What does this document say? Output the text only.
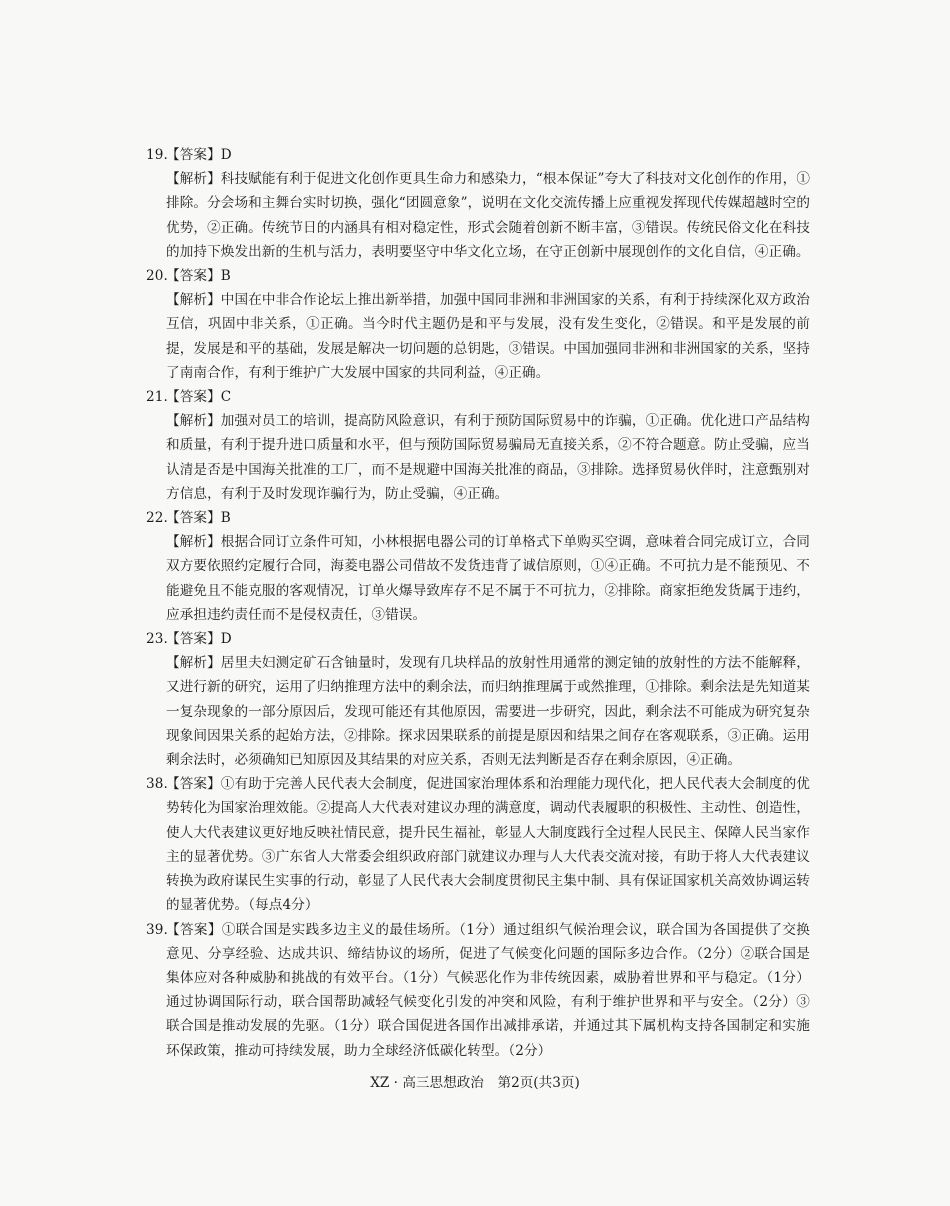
19.【答案】D
【解析】科技赋能有利于促进文化创作更具生命力和感染力，“根本保证”夸大了科技对文化创作的作用，①排除。分会场和主舞台实时切换，强化“团圆意象”，说明在文化交流传播上应重视发挥现代传媒超越时空的优势，②正确。传统节日的内涵具有相对稳定性，形式会随着创新不断丰富，③错误。传统民俗文化在科技的加持下焕发出新的生机与活力，表明要坚守中华文化立场，在守正创新中展现创作的文化自信，④正确。
20.【答案】B
【解析】中国在中非合作论坛上推出新举措，加强中国同非洲和非洲国家的关系，有利于持续深化双方政治互信，巩固中非关系，①正确。当今时代主题仍是和平与发展，没有发生变化，②错误。和平是发展的前提，发展是和平的基础，发展是解决一切问题的总钥匙，③错误。中国加强同非洲和非洲国家的关系，坚持了南南合作，有利于维护广大发展中国家的共同利益，④正确。
21.【答案】C
【解析】加强对员工的培训，提高防风险意识，有利于预防国际贸易中的诈骗，①正确。优化进口产品结构和质量，有利于提升进口质量和水平，但与预防国际贸易骗局无直接关系，②不符合题意。防止受骗，应当认清是否是中国海关批准的工厂，而不是规避中国海关批准的商品，③排除。选择贸易伙伴时，注意甄别对方信息，有利于及时发现诈骗行为，防止受骗，④正确。
22.【答案】B
【解析】根据合同订立条件可知，小林根据电器公司的订单格式下单购买空调，意味着合同完成订立，合同双方要依照约定履行合同，海菱电器公司借故不发货违背了诚信原则，①④正确。不可抗力是不能预见、不能避免且不能克服的客观情况，订单火爆导致库存不足不属于不可抗力，②排除。商家拒绝发货属于违约，应承担违约责任而不是侵权责任，③错误。
23.【答案】D
【解析】居里夫妇测定矿石含铀量时，发现有几块样品的放射性用通常的测定铀的放射性的方法不能解释，又进行新的研究，运用了归纳推理方法中的剩余法，而归纳推理属于或然推理，①排除。剩余法是先知道某一复杂现象的一部分原因后，发现可能还有其他原因，需要进一步研究，因此，剩余法不可能成为研究复杂现象间因果关系的起始方法，②排除。探求因果联系的前提是原因和结果之间存在客观联系，③正确。运用剩余法时，必须确知已知原因及其结果的对应关系，否则无法判断是否存在剩余原因，④正确。
38.
【答案】①有助于完善人民代表大会制度，促进国家治理体系和治理能力现代化，把人民代表大会制度的优势转化为国家治理效能。②提高人大代表对建议办理的满意度，调动代表履职的积极性、主动性、创造性，使人大代表建议更好地反映社情民意，提升民生福祉，彰显人大制度践行全过程人民民主、保障人民当家作主的显著优势。③广东省人大常委会组织政府部门就建议办理与人大代表交流对接，有助于将人大代表建议转换为政府谋民生实事的行动，彰显了人民代表大会制度贯彻民主集中制、具有保证国家机关高效协调运转的显著优势。（每点4分）
39.
【答案】①联合国是实践多边主义的最佳场所。（1分）通过组织气候治理会议，联合国为各国提供了交换意见、分享经验、达成共识、缔结协议的场所，促进了气候变化问题的国际多边合作。（2分）②联合国是集体应对各种威胁和挑战的有效平台。（1分）气候恶化作为非传统因素，威胁着世界和平与稳定。（1分）通过协调国际行动，联合国帮助减轻气候变化引发的冲突和风险，有利于维护世界和平与安全。（2分）③联合国是推动发展的先驱。（1分）联合国促进各国作出减排承诺，并通过其下属机构支持各国制定和实施环保政策，推动可持续发展，助力全球经济低碳化转型。（2分）
XZ · 高三思想政治　第2页(共3页)
